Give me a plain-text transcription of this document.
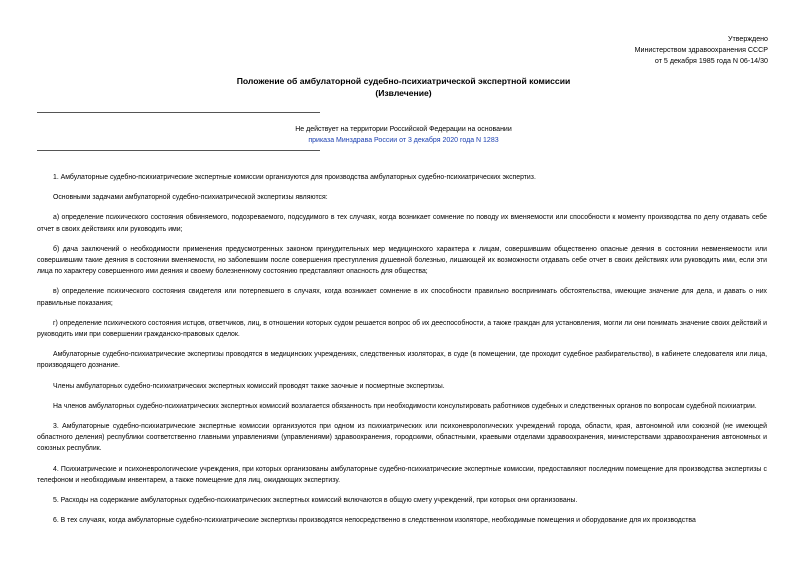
Утверждено
Министерством здравоохранения СССР
от 5 декабря 1985 года N 06-14/30
Положение об амбулаторной судебно-психиатрической экспертной комиссии
(Извлечение)
Не действует на территории Российской Федерации на основании
приказа Минздрава России от 3 декабря 2020 года N 1283

1. Амбулаторные судебно-психиатрические экспертные комиссии организуются для производства амбулаторных судебно-психиатрических экспертиз.

Основными задачами амбулаторной судебно-психиатрической экспертизы являются:

а) определение психического состояния обвиняемого, подозреваемого, подсудимого в тех случаях, когда возникает сомнение по поводу их вменяемости или способности к моменту производства по делу отдавать себе отчет в своих действиях или руководить ими;

б) дача заключений о необходимости применения предусмотренных законом принудительных мер медицинского характера к лицам, совершившим общественно опасные деяния в состоянии невменяемости или совершившим такие деяния в состоянии вменяемости, но заболевшим после совершения преступления душевной болезнью, лишающей их возможности отдавать себе отчет в своих действиях или руководить ими, если эти лица по характеру совершенного ими деяния и своему болезненному состоянию представляют опасность для общества;

в) определение психического состояния свидетеля или потерпевшего в случаях, когда возникает сомнение в их способности правильно воспринимать обстоятельства, имеющие значение для дела, и давать о них правильные показания;

г) определение психического состояния истцов, ответчиков, лиц, в отношении которых судом решается вопрос об их дееспособности, а также граждан для установления, могли ли они понимать значение своих действий и руководить ими при совершении гражданско-правовых сделок.

Амбулаторные судебно-психиатрические экспертизы проводятся в медицинских учреждениях, следственных изоляторах, в суде (в помещении, где проходит судебное разбирательство), в кабинете следователя или лица, производящего дознание.

Члены амбулаторных судебно-психиатрических экспертных комиссий проводят также заочные и посмертные экспертизы.

На членов амбулаторных судебно-психиатрических экспертных комиссий возлагается обязанность при необходимости консультировать работников судебных и следственных органов по вопросам судебной психиатрии.

3. Амбулаторные судебно-психиатрические экспертные комиссии организуются при одном из психиатрических или психоневрологических учреждений города, области, края, автономной или союзной (не имеющей областного деления) республики соответственно главными управлениями (управлениями) здравоохранения, городскими, областными, краевыми отделами здравоохранения, министерствами здравоохранения автономных и союзных республик.

4. Психиатрические и психоневрологические учреждения, при которых организованы амбулаторные судебно-психиатрические экспертные комиссии, предоставляют последним помещение для производства экспертизы с телефоном и необходимым инвентарем, а также помещение для лиц, ожидающих экспертизу.

5. Расходы на содержание амбулаторных судебно-психиатрических экспертных комиссий включаются в общую смету учреждений, при которых они организованы.

6. В тех случаях, когда амбулаторные судебно-психиатрические экспертизы производятся непосредственно в следственном изоляторе, необходимые помещения и оборудование для их производства
